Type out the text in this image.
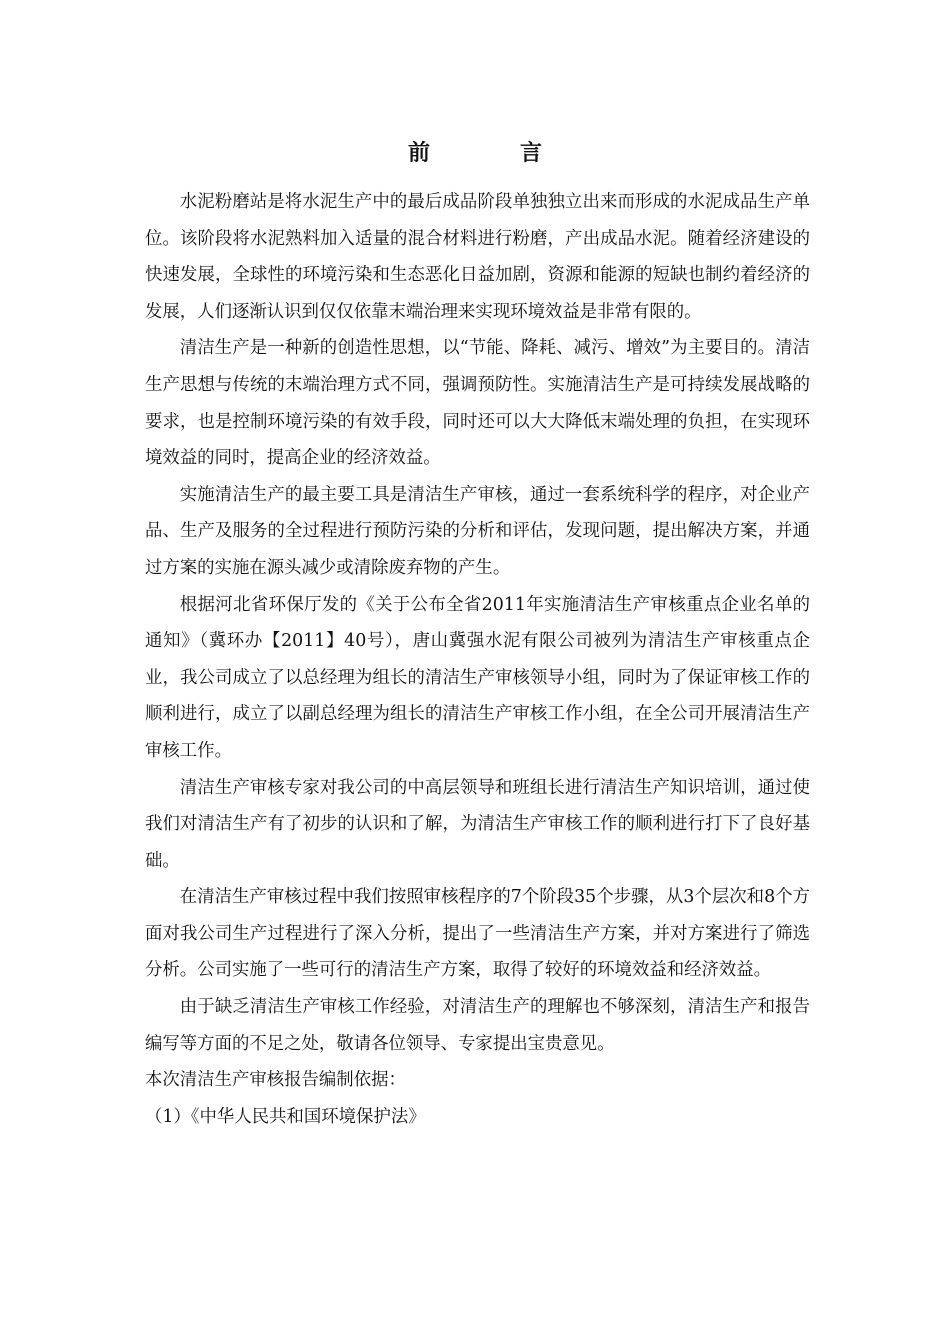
前　言

水泥粉磨站是将水泥生产中的最后成品阶段单独独立出来而形成的水泥成品生产单位。该阶段将水泥熟料加入适量的混合材料进行粉磨，产出成品水泥。随着经济建设的快速发展，全球性的环境污染和生态恶化日益加剧，资源和能源的短缺也制约着经济的发展，人们逐渐认识到仅仅依靠末端治理来实现环境效益是非常有限的。

清洁生产是一种新的创造性思想，以“节能、降耗、减污、增效”为主要目的。清洁生产思想与传统的末端治理方式不同，强调预防性。实施清洁生产是可持续发展战略的要求，也是控制环境污染的有效手段，同时还可以大大降低末端处理的负担，在实现环境效益的同时，提高企业的经济效益。

实施清洁生产的最主要工具是清洁生产审核，通过一套系统科学的程序，对企业产品、生产及服务的全过程进行预防污染的分析和评估，发现问题，提出解决方案，并通过方案的实施在源头减少或清除废弃物的产生。

根据河北省环保厅发的《关于公布全省2011年实施清洁生产审核重点企业名单的通知》（冀环办【2011】40号），唐山冀强水泥有限公司被列为清洁生产审核重点企业，我公司成立了以总经理为组长的清洁生产审核领导小组，同时为了保证审核工作的顺利进行，成立了以副总经理为组长的清洁生产审核工作小组，在全公司开展清洁生产审核工作。

清洁生产审核专家对我公司的中高层领导和班组长进行清洁生产知识培训，通过使我们对清洁生产有了初步的认识和了解，为清洁生产审核工作的顺利进行打下了良好基础。

在清洁生产审核过程中我们按照审核程序的7个阶段35个步骤，从3个层次和8个方面对我公司生产过程进行了深入分析，提出了一些清洁生产方案，并对方案进行了筛选分析。公司实施了一些可行的清洁生产方案，取得了较好的环境效益和经济效益。

由于缺乏清洁生产审核工作经验，对清洁生产的理解也不够深刻，清洁生产和报告编写等方面的不足之处，敬请各位领导、专家提出宝贵意见。

本次清洁生产审核报告编制依据：

（1）《中华人民共和国环境保护法》
